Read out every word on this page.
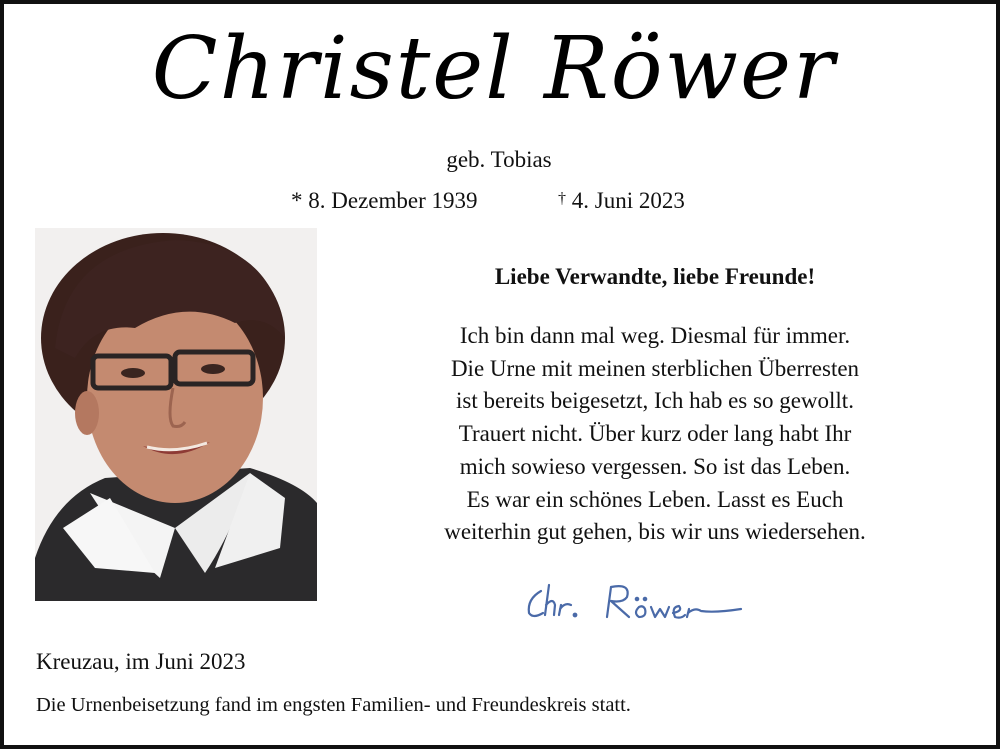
Christel Röwer
geb. Tobias
* 8. Dezember 1939	† 4. Juni 2023
Liebe Verwandte, liebe Freunde!
Ich bin dann mal weg. Diesmal für immer.
Die Urne mit meinen sterblichen Überresten
ist bereits beigesetzt, Ich hab es so gewollt.
Trauert nicht. Über kurz oder lang habt Ihr
mich sowieso vergessen. So ist das Leben.
Es war ein schönes Leben. Lasst es Euch
weiterhin gut gehen, bis wir uns wiedersehen.
Kreuzau, im Juni 2023
Die Urnenbeisetzung fand im engsten Familien- und Freundeskreis statt.
